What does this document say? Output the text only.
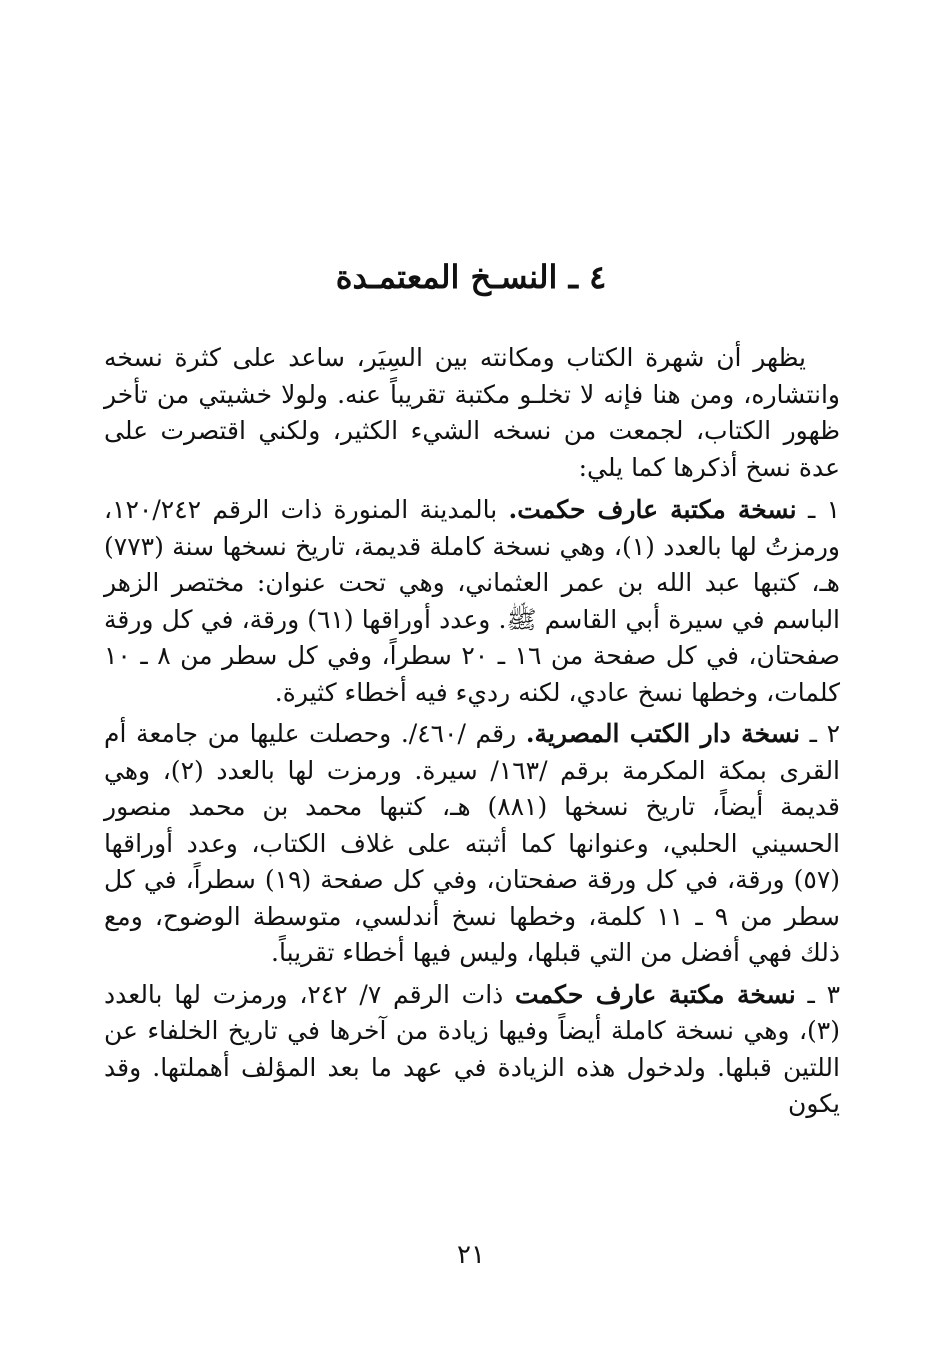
٤ ـ النسـخ المعتمـدة

يظهر أن شهرة الكتاب ومكانته بين السِيَر، ساعد على كثرة نسخه وانتشاره، ومن هنا فإنه لا تخلـو مكتبة تقريباً عنه. ولولا خشيتي من تأخر ظهور الكتاب، لجمعت من نسخه الشيء الكثير، ولكني اقتصرت على عدة نسخ أذكرها كما يلي:

١ ـ نسخة مكتبة عارف حكمت. بالمدينة المنورة ذات الرقم ١٢٠/٢٤٢، ورمزتُ لها بالعدد (١)، وهي نسخة كاملة قديمة، تاريخ نسخها سنة (٧٧٣) هـ، كتبها عبد الله بن عمر العثماني، وهي تحت عنوان: مختصر الزهر الباسم في سيرة أبي القاسم ﷺ. وعدد أوراقها (٦١) ورقة، في كل ورقة صفحتان، في كل صفحة من ١٦ ـ ٢٠ سطراً، وفي كل سطر من ٨ ـ ١٠ كلمات، وخطها نسخ عادي، لكنه رديء فيه أخطاء كثيرة.

٢ ـ نسخة دار الكتب المصرية. رقم /٤٦٠/. وحصلت عليها من جامعة أم القرى بمكة المكرمة برقم /١٦٣/ سيرة. ورمزت لها بالعدد (٢)، وهي قديمة أيضاً، تاريخ نسخها (٨٨١) هـ، كتبها محمد بن محمد منصور الحسيني الحلبي، وعنوانها كما أثبته على غلاف الكتاب، وعدد أوراقها (٥٧) ورقة، في كل ورقة صفحتان، وفي كل صفحة (١٩) سطراً، في كل سطر من ٩ ـ ١١ كلمة، وخطها نسخ أندلسي، متوسطة الوضوح، ومع ذلك فهي أفضل من التي قبلها، وليس فيها أخطاء تقريباً.

٣ ـ نسخة مكتبة عارف حكمت ذات الرقم ٧/ ٢٤٢، ورمزت لها بالعدد (٣)، وهي نسخة كاملة أيضاً وفيها زيادة من آخرها في تاريخ الخلفاء عن اللتين قبلها. ولدخول هذه الزيادة في عهد ما بعد المؤلف أهملتها. وقد يكون

٢١
